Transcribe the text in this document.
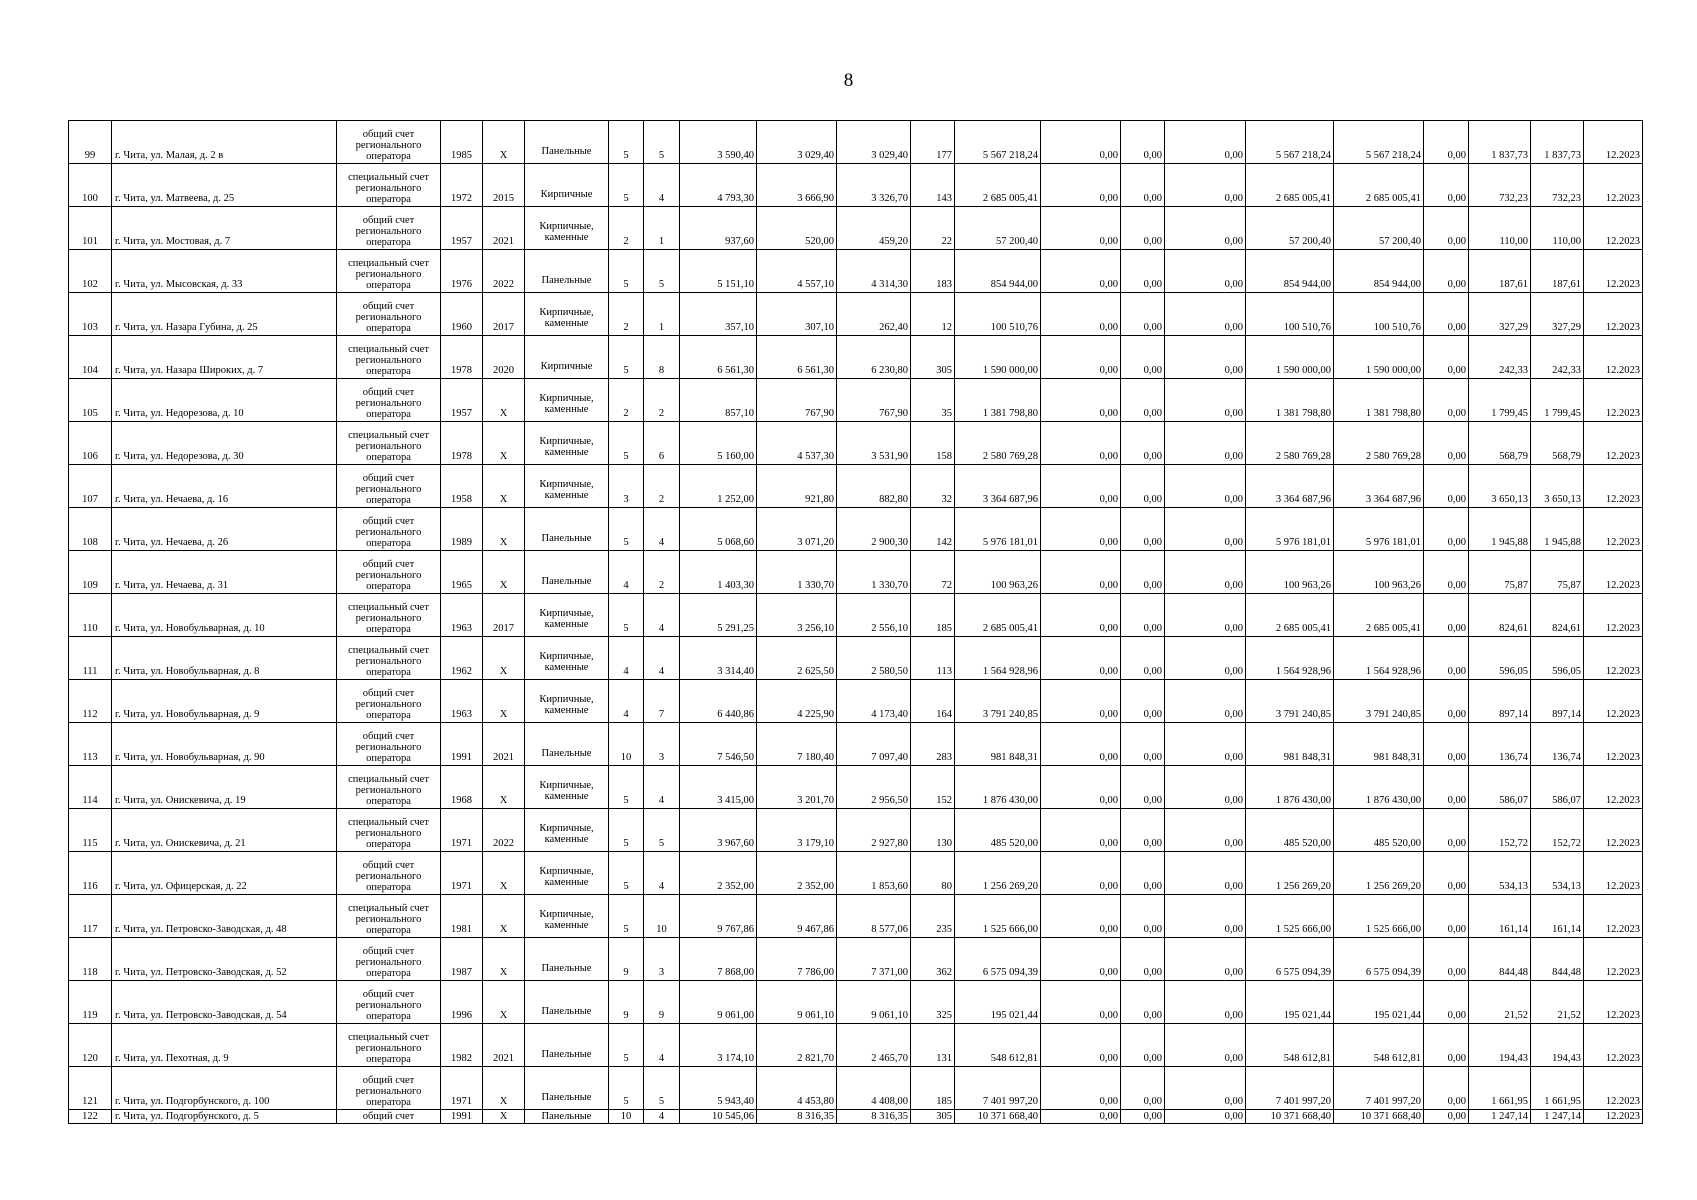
8
99	г. Чита, ул. Малая, д. 2 в	общий счет регионального оператора	1985	Х	Панельные	5	5	3 590,40	3 029,40	3 029,40	177	5 567 218,24	0,00	0,00	0,00	5 567 218,24	5 567 218,24	0,00	1 837,73	1 837,73	12.2023
100	г. Чита, ул. Матвеева, д. 25	специальный счет регионального оператора	1972	2015	Кирпичные	5	4	4 793,30	3 666,90	3 326,70	143	2 685 005,41	0,00	0,00	0,00	2 685 005,41	2 685 005,41	0,00	732,23	732,23	12.2023
101	г. Чита, ул. Мостовая, д. 7	общий счет регионального оператора	1957	2021	Кирпичные, каменные	2	1	937,60	520,00	459,20	22	57 200,40	0,00	0,00	0,00	57 200,40	57 200,40	0,00	110,00	110,00	12.2023
102	г. Чита, ул. Мысовская, д. 33	специальный счет регионального оператора	1976	2022	Панельные	5	5	5 151,10	4 557,10	4 314,30	183	854 944,00	0,00	0,00	0,00	854 944,00	854 944,00	0,00	187,61	187,61	12.2023
103	г. Чита, ул. Назара Губина, д. 25	общий счет регионального оператора	1960	2017	Кирпичные, каменные	2	1	357,10	307,10	262,40	12	100 510,76	0,00	0,00	0,00	100 510,76	100 510,76	0,00	327,29	327,29	12.2023
104	г. Чита, ул. Назара Широких, д. 7	специальный счет регионального оператора	1978	2020	Кирпичные	5	8	6 561,30	6 561,30	6 230,80	305	1 590 000,00	0,00	0,00	0,00	1 590 000,00	1 590 000,00	0,00	242,33	242,33	12.2023
105	г. Чита, ул. Недорезова, д. 10	общий счет регионального оператора	1957	Х	Кирпичные, каменные	2	2	857,10	767,90	767,90	35	1 381 798,80	0,00	0,00	0,00	1 381 798,80	1 381 798,80	0,00	1 799,45	1 799,45	12.2023
106	г. Чита, ул. Недорезова, д. 30	специальный счет регионального оператора	1978	Х	Кирпичные, каменные	5	6	5 160,00	4 537,30	3 531,90	158	2 580 769,28	0,00	0,00	0,00	2 580 769,28	2 580 769,28	0,00	568,79	568,79	12.2023
107	г. Чита, ул. Нечаева, д. 16	общий счет регионального оператора	1958	Х	Кирпичные, каменные	3	2	1 252,00	921,80	882,80	32	3 364 687,96	0,00	0,00	0,00	3 364 687,96	3 364 687,96	0,00	3 650,13	3 650,13	12.2023
108	г. Чита, ул. Нечаева, д. 26	общий счет регионального оператора	1989	Х	Панельные	5	4	5 068,60	3 071,20	2 900,30	142	5 976 181,01	0,00	0,00	0,00	5 976 181,01	5 976 181,01	0,00	1 945,88	1 945,88	12.2023
109	г. Чита, ул. Нечаева, д. 31	общий счет регионального оператора	1965	Х	Панельные	4	2	1 403,30	1 330,70	1 330,70	72	100 963,26	0,00	0,00	0,00	100 963,26	100 963,26	0,00	75,87	75,87	12.2023
110	г. Чита, ул. Новобульварная, д. 10	специальный счет регионального оператора	1963	2017	Кирпичные, каменные	5	4	5 291,25	3 256,10	2 556,10	185	2 685 005,41	0,00	0,00	0,00	2 685 005,41	2 685 005,41	0,00	824,61	824,61	12.2023
111	г. Чита, ул. Новобульварная, д. 8	специальный счет регионального оператора	1962	Х	Кирпичные, каменные	4	4	3 314,40	2 625,50	2 580,50	113	1 564 928,96	0,00	0,00	0,00	1 564 928,96	1 564 928,96	0,00	596,05	596,05	12.2023
112	г. Чита, ул. Новобульварная, д. 9	общий счет регионального оператора	1963	Х	Кирпичные, каменные	4	7	6 440,86	4 225,90	4 173,40	164	3 791 240,85	0,00	0,00	0,00	3 791 240,85	3 791 240,85	0,00	897,14	897,14	12.2023
113	г. Чита, ул. Новобульварная, д. 90	общий счет регионального оператора	1991	2021	Панельные	10	3	7 546,50	7 180,40	7 097,40	283	981 848,31	0,00	0,00	0,00	981 848,31	981 848,31	0,00	136,74	136,74	12.2023
114	г. Чита, ул. Онискевича, д. 19	специальный счет регионального оператора	1968	Х	Кирпичные, каменные	5	4	3 415,00	3 201,70	2 956,50	152	1 876 430,00	0,00	0,00	0,00	1 876 430,00	1 876 430,00	0,00	586,07	586,07	12.2023
115	г. Чита, ул. Онискевича, д. 21	специальный счет регионального оператора	1971	2022	Кирпичные, каменные	5	5	3 967,60	3 179,10	2 927,80	130	485 520,00	0,00	0,00	0,00	485 520,00	485 520,00	0,00	152,72	152,72	12.2023
116	г. Чита, ул. Офицерская, д. 22	общий счет регионального оператора	1971	Х	Кирпичные, каменные	5	4	2 352,00	2 352,00	1 853,60	80	1 256 269,20	0,00	0,00	0,00	1 256 269,20	1 256 269,20	0,00	534,13	534,13	12.2023
117	г. Чита, ул. Петровско-Заводская, д. 48	специальный счет регионального оператора	1981	Х	Кирпичные, каменные	5	10	9 767,86	9 467,86	8 577,06	235	1 525 666,00	0,00	0,00	0,00	1 525 666,00	1 525 666,00	0,00	161,14	161,14	12.2023
118	г. Чита, ул. Петровско-Заводская, д. 52	общий счет регионального оператора	1987	Х	Панельные	9	3	7 868,00	7 786,00	7 371,00	362	6 575 094,39	0,00	0,00	0,00	6 575 094,39	6 575 094,39	0,00	844,48	844,48	12.2023
119	г. Чита, ул. Петровско-Заводская, д. 54	общий счет регионального оператора	1996	Х	Панельные	9	9	9 061,00	9 061,10	9 061,10	325	195 021,44	0,00	0,00	0,00	195 021,44	195 021,44	0,00	21,52	21,52	12.2023
120	г. Чита, ул. Пехотная, д. 9	специальный счет регионального оператора	1982	2021	Панельные	5	4	3 174,10	2 821,70	2 465,70	131	548 612,81	0,00	0,00	0,00	548 612,81	548 612,81	0,00	194,43	194,43	12.2023
121	г. Чита, ул. Подгорбунского, д. 100	общий счет регионального оператора	1971	Х	Панельные	5	5	5 943,40	4 453,80	4 408,00	185	7 401 997,20	0,00	0,00	0,00	7 401 997,20	7 401 997,20	0,00	1 661,95	1 661,95	12.2023
122	г. Чита, ул. Подгорбунского, д. 5	общий счет	1991	Х	Панельные	10	4	10 545,06	8 316,35	8 316,35	305	10 371 668,40	0,00	0,00	0,00	10 371 668,40	10 371 668,40	0,00	1 247,14	1 247,14	12.2023
